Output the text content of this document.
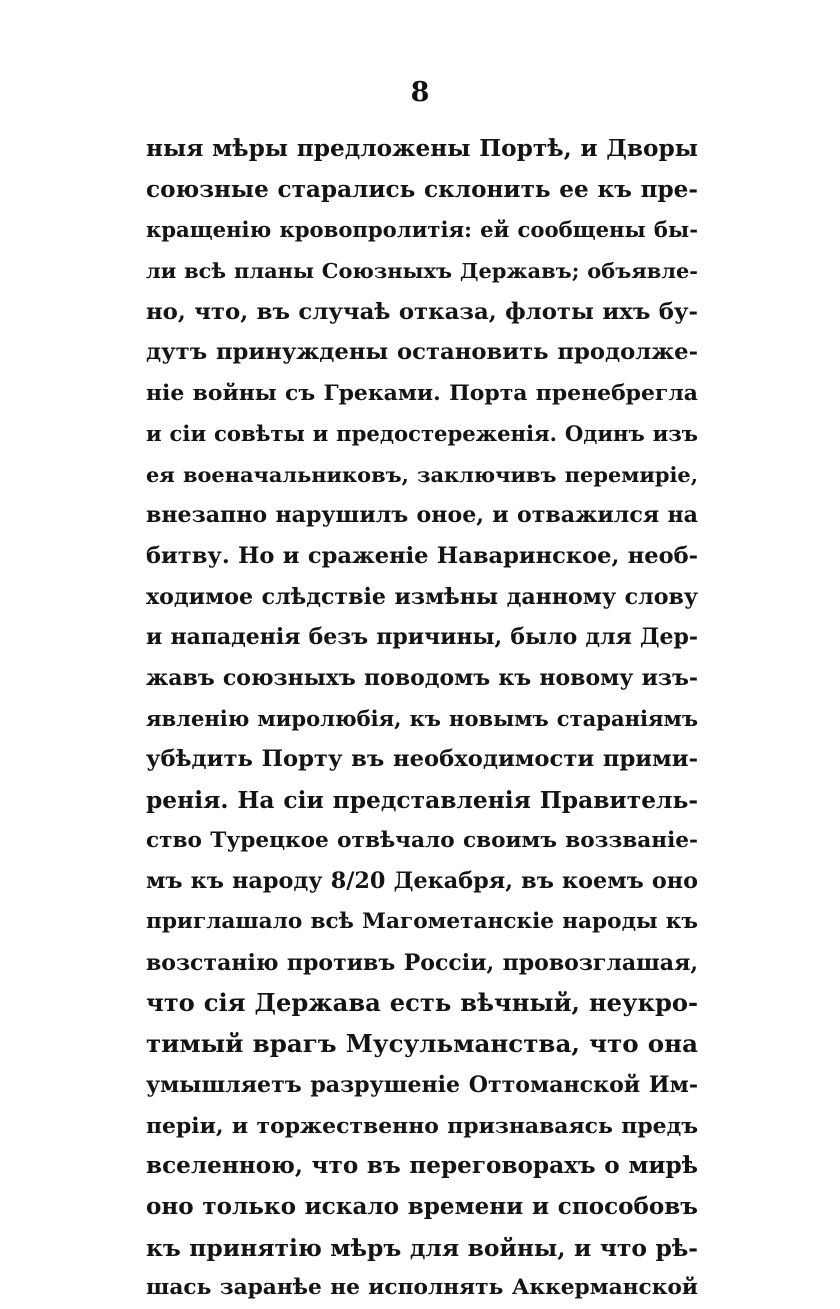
8
ныя мѣры предложены Портѣ, и Дворы
союзные старались склонить ее къ пре-
кращенію кровопролитія: ей сообщены бы-
ли всѣ планы Союзныхъ Державъ; объявле-
но, что, въ случаѣ отказа, флоты ихъ бу-
дутъ принуждены остановить продолже-
ніе войны съ Греками. Порта пренебрегла
и сіи совѣты и предостереженія. Одинъ изъ
ея военачальниковъ, заключивъ перемиріе,
внезапно нарушилъ оное, и отважился на
битву. Но и сраженіе Наваринское, необ-
ходимое слѣдствіе измѣны данному слову
и нападенія безъ причины, было для Дер-
жавъ союзныхъ поводомъ къ новому изъ-
явленію миролюбія, къ новымъ стараніямъ
убѣдить Порту въ необходимости прими-
ренія. На сіи представленія Правитель-
ство Турецкое отвѣчало своимъ воззваніе-
мъ къ народу 8/20 Декабря, въ коемъ оно
приглашало всѣ Магометанскіе народы къ
возстанію противъ Россіи, провозглашая,
что сія Держава есть вѣчный, неукро-
тимый врагъ Мусульманства, что она
умышляетъ разрушеніе Оттоманской Им-
періи, и торжественно признаваясь предъ
вселенною, что въ переговорахъ о мирѣ
оно только искало времени и способовъ
къ принятію мѣръ для войны, и что рѣ-
шась заранѣе не исполнять Аккерманской
